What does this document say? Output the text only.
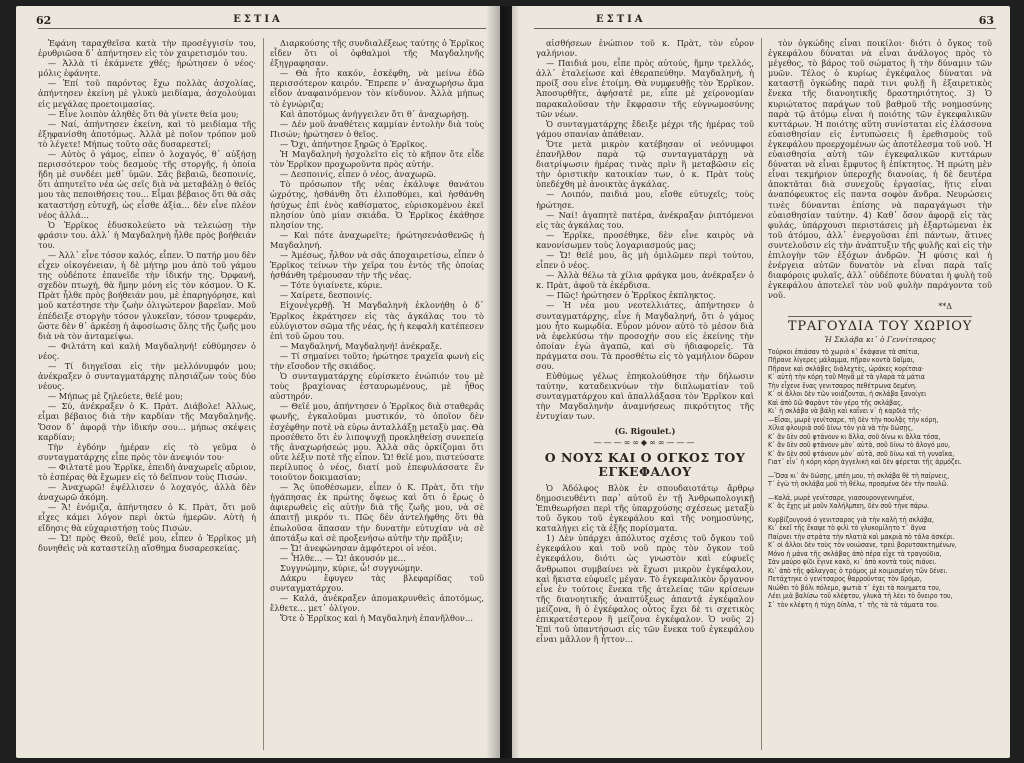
62	ΕΣΤΙΑ

Ἐφάνη ταραχθεῖσα κατὰ τὴν προσέγγισίν του, ἐρυθριῶσα δ᾽ ἀπήντησεν εἰς τὸν χαιρετισμόν του.

— Ἀλλὰ τί ἐκάμνετε χθές; ἠρώτησεν ὁ νέος· μόλις ἐφάνητε.

— Ἐπί τοῦ παρόντος ἔχω πολλὰς ἀσχολίας, ἀπήντησεν ἐκείνη μὲ γλυκὺ μειδίαμα, ἀσχολούμαι εἰς μεγάλας προετοιμασίας.

— Εἶνε λοιπὸν ἀληθὲς ὅτι θὰ γίνετε θεία μου;

— Ναί, ἀπήντησεν ἐκείνη, καὶ τὸ μειδίαμα τῆς ἐξηφανίσθη ἀποτόμως. Ἀλλὰ μὲ ποῖον τρόπον μοῦ τὸ λέγετε! Μήπως τοῦτο σᾶς δυσαρεστεῖ;

— Αὐτὸς ὁ γάμος, εἶπεν ὁ λοχαγός, θ᾽ αὐξήσῃ περισσότερον τοὺς δεσμοὺς τῆς στοργῆς, ἡ ὁποία ἤδη μὲ συνδέει μεθ᾽ ὑμῶν. Σᾶς βεβαιῶ, δεσποινίς, ὅτι ἀπηυτεῖτο νέα ὡς σεῖς διὰ νὰ μεταβάλῃ ὁ θεῖός μου τὰς πεποιθήσεις του… Εἶμαι βέβαιος ὅτι θὰ σᾶς καταστήσῃ εὐτυχῆ, ὡς εἶσθε ἀξία… δὲν εἶνε πλέον νέος ἀλλά…

Ὁ Ἐρρῖκος ἐδυσκολεύετο νὰ τελειώσῃ τὴν φράσιν του. ἀλλ᾽ ἡ Μαγδαληνὴ ἦλθε πρὸς βοήθειάν του.

— Ἀλλ᾽ εἶνε τόσον καλός, εἶπεν. Ὁ πατήρ μου δὲν εἶχεν οἰκογένειαν, ἡ δὲ μήτηρ μου ἀπὸ τοῦ γάμου της οὐδέποτε ἐπανεῖδε τὴν ἰδικήν της. Ὀρφανή, σχεδὸν πτωχή, θὰ ἤμην μόνη εἰς τὸν κόσμον. Ὁ Κ. Πρὰτ ἦλθε πρὸς βοήθειάν μου, μὲ ἐπαρηγόρησε, καὶ μοῦ κατέστησε τὴν ζωὴν ὀλιγώτερον βαρεῖαν. Μοῦ ἐπέδειξε στοργὴν τόσον γλυκεῖαν, τόσον τρυφεράν, ὥστε δὲν θ᾽ ἀρκέσῃ ἡ ἀφοσίωσις ὅλης τῆς ζωῆς μου διὰ νὰ τὸν ἀνταμείψω.

— Φιλτάτη καὶ καλὴ Μαγδαληνή! εὐθύμησεν ὁ νέος.

— Τί διηγεῖσαι εἰς τὴν μελλόνυμφόν μου; ἀνέκραξεν ὁ συνταγματάρχης πλησιάζων τοὺς δύο νέους.

— Μήπως μὲ ζηλεύετε, θεῖέ μου;

— Σύ, ἀνέκραξεν ὁ Κ. Πρὰτ. Διάβολε! Ἀλλως, εἶμαι βέβαιος διὰ τὴν καρδίαν τῆς Μαγδαληνῆς. Ὅσον δ᾽ ἀφορᾷ τὴν ἰδικήν σου… μήπως σκέψεις καρδίαν;

Τὴν ἐγδόην ἡμέραν εἰς τὸ γεῦμα ὁ συνταγματάρχης εἶπε πρὸς τὸν ἀνεψιόν του·

— Φιλτατέ μου Ἐρρῖκε, ἐπειδὴ ἀναχωρεῖς αὔριον, τὸ ἑσπέρας θὰ ἔχωμεν εἰς τὸ δεῖπνον τοὺς Πισών.

— Ἀναχωρῶ! ἐψέλλισεν ὁ λοχαγός, ἀλλὰ δὲν ἀναχωρῶ ἀκόμη.

— Ἄ! ἐνόμιζα, ἀπήντησεν ὁ Κ. Πρὰτ, ὅτι μοῦ εἶχες κάμει λόγον περὶ ὀκτὼ ἡμερῶν. Αὐτὴ ἡ εἴδησις θὰ εὐχαριστήσῃ τοὺς Πισών.

— Ὤ! πρὸς Θεοῦ, θεῖέ μου, εἶπεν ὁ Ἐρρῖκος μὴ δυνηθεὶς νὰ καταστείλῃ αἴσθημα δυσαρεσκείας.

Διαρκούσης τῆς συνδιαλέξεως ταύτης ὁ Ἐρρῖκος εἶδεν ὅτι οἱ ὀφθαλμοὶ τῆς Μαγδαληνῆς ἐξηγραφησαν.

— Θὰ ἦτο κακόν, ἐσκέφθη, νὰ μείνω ἐδῶ περισσότερον καιρόν. Ἔπρεπε ν᾽ ἀναχωρήσω ἅμα εἶδον ἀναφαινόμενον τὸν κίνδυνον. Ἀλλὰ μήπως τὸ ἐγνώριζα;

Καὶ ἀποτόμως ἀνήγγειλεν ὅτι θ᾽ ἀναχωρήσῃ.

— Δέν μοῦ ἀναθέτεις καμμίαν ἐντολὴν διὰ τοὺς Πισών; ἠρώτησεν ὁ θεῖος.

— Ὄχι, ἀπήντησε ξηρῶς ὁ Ἐρρῖκος.

Ἡ Μαγδαληνὴ ἠσχολεῖτο εἰς τὸ κῆπον ὅτε εἶδε τὸν Ἐρρῖκον προχωροῦντα πρὸς αὐτήν.

— Δεσποινίς, εἶπεν ὁ νέος, ἀναχωρῶ.

Τὸ πρόσωπον τῆς νέας ἐκάλυψε θανάτου ὠχρότης, ἠσθάνθη ὅτι ἐλιποθύμει, καὶ ἠσθάνθη ἠσύχως ἐπὶ ἑνὸς καθίσματος, εὑρισκομένου ἐκεῖ πλησίον ὑπὸ μίαν σκιάδα. Ὁ Ἐρρῖκος ἐκάθησε πλησίον της.

— Καὶ πότε ἀναχωρεῖτε; ἠρώτησενἀσθενῶς ἡ Μαγδαληνή.

— Ἀμέσως, ἦλθον νὰ σᾶς ἀποχαιρετίσω, εἶπεν ὁ Ἐρρῖκος τείνων τὴν χεῖρα του ἐντὸς τῆς ὁποίας ἠσθάνθη τρέμουσαν τὴν τῆς νέας.

— Τότε ὑγιαίνετε, κύριε.

— Χαίρετε, δεσποινίς.

Εἰχονἐγερθῇ. Ἡ Μαγδαληνὴ ἐκλονήθη ὁ δ᾽ Ἐρρῖκος ἐκράτησεν εἰς τὰς ἀγκάλας του τὸ εὐλύγιστον σῶμα τῆς νέας, ἡς ἡ κεφαλὴ κατέπεσεν ἐπὶ τοῦ ὤμου του.

— Μαγδαληνή, Μαγδαληνή! ἀνέκραξε.

— Τί σημαίνει τοῦτο; ἠρώτησε τραχεῖα φωνὴ εἰς τὴν εἴσοδον τῆς σκιάδος.

Ὁ συνταγματάρχης εὑρίσκετο ἐνώπιόν του μὲ τοὺς βραχίονας ἐσταυρωμένους, μὲ ἦθος αὐστηρόν.

— Θεῖέ μου, ἀπήντησεν ὁ Ἐρρῖκος διὰ σταθερᾶς φωνῆς, ἐγκαλοῦμαι μυστικόν, τὸ ὁποῖον δὲν ἐσχέφθην ποτὲ νὰ εὑρω ἀνταλλάξῃ μεταξὺ μας. Θὰ προσέθετο ὅτι ἐν λιποψυχῇ προκληθείσῃ συνεπείᾳ τῆς ἀναχωρήσεώς μου. Ἀλλὰ σᾶς ὁρκίζομαι ὅτι οὔτε λέξιν ποτὲ τῆς εἶπον. Ὤ! θεῖέ μου, πιστεύσατε περίλυπος ὁ νέος, διατί μοῦ ἐπεφυλάσσατε ἕν τοιοῦτον δοκιμασίαν;

— Ἄς ὑποθέσωμεν, εἶπεν ὁ Κ. Πρὰτ, ὅτι τὴν ἡγάπησας ἐκ πρώτης ὄψεως καὶ ὅτι ὁ ἔρως ὁ ἀφιερωθεὶς εἰς αὐτὴν διὰ τῆς ζωῆς μου, νὰ σὲ ἀπαιτῇ μικρόν τι. Πῶς δέν ἀντελήφθης ὅτι θὰ ἐπωλοῦσα ἅπασαν τὴν δυνατὴν εὐτυχίαν νὰ σὲ ἀποτάξω καὶ σὲ προξενήσω αὐτὴν τὴν πρᾶξιν;

— Ὤ! ἀνεφώνησαν ἀμφότεροι οἱ νέοι.

— Ἦλθε… — Ὤ! ἀκουσόν με…

Συγγνώμην, κύριε, ὦ! συγγνώμην.

Δάκρυ ἔφυγεν τὰς βλεφαρίδας τοῦ συνταγματάρχου.

— Καλά, ἀνέκραξεν ἀπομακρυνθεὶς ἀποτόμως, ἔλθετε… μετ᾽ ὀλίγον.

Ὅτε ὁ Ἐρρῖκος καὶ ἡ Μαγδαληνὴ ἐπανῆλθον…

ΕΣΤΙΑ	63

αἰσθήσεων ἐνώπιον τοῦ κ. Πρὰτ, τὸν εὗρον γαλήνιον.

— Παιδιά μου, εἶπε πρὸς αὐτούς, ἤμην τρελλός, ἀλλ᾽ ἐταλείωσε καὶ ἐθεραπεύθην. Μαγδαληνή, ἡ προίξ σου εἶνε ἑτοίμη. Θὰ νυμφευθῇς τὸν Ἐρρῖκον. Ἀποσυρθῆτε, ἀφήσατέ με, εἶπε μὲ χείρονομίαν παρακαλοῦσαν τὴν ἔκφρασιν τῆς εὐγνωμοσύνης τῶν νέων.

Ὁ συνταγματάρχης ἔδειξε μέχρι τῆς ἡμέρας τοῦ γάμου σπανίαν ἀπάθειαν.

Ὅτε μετὰ μικρὸν κατέβησαν οἱ νεόνυμφοι ἐπανῆλθον παρὰ τῷ συνταγματάρχῃ νὰ διατρίψωσιν ἡμέρας τινὰς πρὶν ἢ μεταβῶσιν εἰς τὴν ὁριστικὴν κατοικίαν των, ὁ κ. Πρὰτ τοὺς ὑπεδέχθη μὲ ἀνοικτὰς ἀγκάλας.

— Λοιπόν, παιδιά μου, εἴσθε εὐτυχεῖς; τοὺς ἠρώτησε.

— Ναί! ἀγαπητὲ πατέρα, ἀνέκραξαν ῥιπτόμενοι εἰς τὰς ἀγκάλας του.

— Ἐρρῖκε, προσέθηκε, δὲν εἶνε καιρὸς νὰ κανονίσωμεν τοὺς λογαριασμούς μας;

— Ὤ! θεῖέ μου, ἃς μὴ ὁμιλῶμεν περὶ τούτου, εἶπεν ὁ νέος.

— Ἀλλὰ θέλω τὰ χίλια φράγκα μου, ἀνέκραξεν ὁ κ. Πρὰτ, ἀφοῦ τὰ ἐκέρδισα.

— Πῶς! ἠρώτησεν ὁ Ἐρρῖκος ἐκπληκτος.

— Ἡ νέα μου νεοτελλιάτες, ἀπήντησεν ὁ συνταγματάρχης, εἶνε ἡ Μαγδαληνή, ὅτι ὁ γάμος μου ἦτο κωμῳδία. Εὗρον μόνον αὐτὸ τὸ μέσον διὰ νὰ ἐφελκύσω τὴν προσοχήν σου εἰς ἐκείνης τὴν ὁποίαν ἐγὼ ἀγαπῶ, καὶ σὺ ἠδιαφορεῖς. Τὰ πράγματα σου. Τὰ προσθέτω εἰς τὸ γαμήλιον δῶρον σου.

Εὐθύμως γέλως ἐπηκολούθησε τὴν δήλωσιν ταύτην, καταδεικνύων τὴν διπλωματίαν τοῦ συνταγματάρχου καὶ ἀπαλλάξασα τὸν Ἐρρῖκον καὶ τὴν Μαγδαληνὴν ἀναμνήσεως πικρότητος τῆς ἐντυχίαν των.

(G. Rigoulet.)
———∞∞◆∞∞———
Ο ΝΟΥΣ ΚΑΙ Ο ΟΓΚΟΣ ΤΟΥ ΕΓΚΕΦΑΛΟΥ

Ὁ Ἀδόλφος Βλὸκ ἐν σπουδαιοτάτῳ ἄρθρῳ δημοσιευθέντι παρ᾽ αὐτοῦ ἐν τῇ Ἀνθρωπολογικῇ Ἐπιθεωρήσει περὶ τῆς ὑπαρχούσης σχέσεως μεταξὺ τοῦ ὄγκου τοῦ ἐγκεφάλου καὶ τῆς νοημοσύνης, καταλήγει εἰς τὰ ἑξῆς πορίσματα.

1) Δὲν ὑπάρχει ἀπόλυτος σχέσις τοῦ ὄγκου τοῦ ἐγκεφάλου καὶ τοῦ νοῦ πρὸς τὸν ὄγκον τοῦ ἐγκεφάλου, διότι ὡς γνωστὸν καὶ εὐφυεῖς ἄνθρωποι συμβαίνει νὰ ἔχωσι μικρὸν ἐγκέφαλον, καὶ ἥκιστα εὐφυεῖς μέγαν. Τὸ ἐγκεφαλικὸν ὄργανον εἶνε ἐν τούτοις ἕνεκα τῆς ἀτελείας τῶν κρίσεων τῆς διανοητικῆς ἀναπτύξεως ἀπαντᾷ ἐγκέφαλον μείζονα, ἢ ὁ ἐγκέφαλος οὗτος ἔχει δὲ τι σχετικὸς ἐπικρατέστερον ἢ μείζονα ἐγκέφαλον. Ὁ νοῦς 2) Ἐπὶ τοῦ ὑπαντήσωσι εἰς τῶν ἔνεκα τοῦ ἐγκεφάλου εἶναι μᾶλλον ἢ ἧττον…

τὸν ὀγκώδης εἶναι ποικίλοι· διότι ὁ ὄγκος τοῦ ἐγκεφάλου δύναται νὰ εἶναι ἀνάλογος πρὸς τὸ μέγεθος, τὸ βάρος τοῦ σώματος ἢ τὴν δύναμιν τῶν μυῶν. Τέλος ὁ κυρίως ἐγκέφαλος δύναται νὰ καταστῇ ὀγκώδης παρὰ τινι φυλῇ ἢ ἐξαιρετικὸς ἕνεκα τῆς διανοητικῆς δραστηριότητος. 3) Ὁ κυριώτατος παράγων τοῦ βαθμοῦ τῆς νοημοσύνης παρὰ τῷ ἀτόμῳ εἶναι ἡ ποιότης τῶν ἐγκεφαλικῶν κυττάρων. Ἡ ποιότης αὕτη συνίσταται εἰς ἐλάσσονα εὐαισθησίαν εἰς ἐντυπώσεις ἢ ἐρεθισμοὺς τοῦ ἐγκεφάλου προερχομένων ὡς ἀποτέλεσμα τοῦ νοῦ. Ἡ εὐαισθησία αὐτὴ τῶν ἐγκεφαλικῶν κυττάρων δύναται νὰ εἶναι ἔμφυτος ἢ ἐπίκτητος. Ἡ πρώτη μὲν εἶναι τεκμήριον ὑπεροχῆς διανοίας, ἡ δὲ δευτέρα ἀποκτᾶται διὰ συνεχοῦς ἐργασίας, ἥτις εἶναι ἀναπόφευκτος εἰς παντα σοφὸν ἄνδρα. Νευρώσεις τινὲς δύνανται ἐπίσης νὰ παραγάγωσι τὴν εὐαισθησίαν ταύτην. 4) Καθ᾽ ὅσον ἀφορᾷ εἰς τὰς φυλάς, ὑπάρχουσι περιστάσεις μὴ ἐξαρτώμεναι ἐκ τοῦ ἀτόμου, ἀλλ᾽ ἐνεργοῦσαι ἐπὶ πάντων, ἅτινες συντελοῦσιν εἰς τὴν ἀνάπτυξιν τῆς φυλῆς καὶ εἰς τὴν ἐπιλογὴν τῶν ἐξόχων ἀνδρῶν. Ἡ φύσις καὶ ἡ ἐνέργεια αὐτῶν δυνατὸν νὰ εἶναι παρὰ ταῖς διαφόροις φυλαῖς, ἀλλ᾽ οὐδέποτε δύναται ἡ φυλὴ τοῦ ἐγκεφάλου ἀποτελεῖ τὸν νοῦ φυλὴν παράγοντα τοῦ νοῦ.

**Δ
ΤΡΑΓΟΥΔΙΑ ΤΟΥ ΧΩΡΙΟΥ
Ἡ Σκλάβα κι᾽ ὁ Γεννίτσαρος

Τούρκοι ἐπιάσαν τὸ χωριὸ κ᾽ ἔκάψανε τὰ σπίτια,

Πῆρανε λίγερες μάλαμμα, πῆραν κοντὰ δαῖμαι,

Πῆρανε καὶ σκλάβες διάλεχτὲς, ὡράκες κορίτσια·

Κ᾽ αὐτὴ τὴν κόρη τοῦ Μηνᾶ μὲ τὰ γλαρὰ τὰ μάτια

Τὴν εἶχενε ἕνας γενιτσαρος πεθέτρωνα δεμένη.

Κ᾽ οἱ ἄλλοι δὲν τῶν νοιάζονται, ἡ σκλάβα ξανοίγει

Καὶ ἀπὸ δῶ Φαρὰντ τὸν γέρο τῆς σκλάβας,

Κι᾽ ἡ σκλάβα νὰ βάλῃ καὶ καΐνει ν᾽ ἡ καρδιὰ τῆς·

—Εἶσαι, μωρὲ γενίτσαρε, τὴ δὲν τὴν πουλᾷς τὴν κόρη,

Χίλια φλουριὰ σοῦ δίνω τὸν γιὰ νὰ τὴν δώσῃς,

Κ᾽ ἂν δὲν σοῦ φτάνουν κι ἄλλα, σοῦ δίνω κι ἄλλα τόσα,

Κ᾽ ἂν δὲν σοῦ φτάνουν μὸν᾽ αὐτὰ, σοῦ δίνω τὸ ἄλογό μου,

Κ᾽ ἂν δὲν σοῦ φτάνουν μὸν᾽ αὐτὰ, σοῦ δίνω καὶ τὴ γυναῖκα,

Γιατ᾽ εἶν᾽ ἡ κόρη κόρη ἀγγελικὴ καὶ δὲν φέρεται τῆς ἀρμόζει.

—Ὅσα κι᾽ ἂν δώσῃς, μπέη μου, τὴ σκλάβα θὲ τὴ παίρνεις,

Τ᾽ ἐγὼ τὴ σκλάβα μοῦ τὴ θέλω, προσμένα δὲν τὴν πουλῶ.

—Καλά, μωρὲ γενίτσαρε, γιασουρονγεννημένε,

Κ᾽ ἂς ἔχῃς μὲ μοῦν Χαλήλμπεη, δὲν σοῦ τὴνε πάρω.

Κυρβίζουγονά ὁ γενιτσαρος γιὰ τὴν καλὴ τὴ σκλάβα,

Κι᾽ ἐκεῖ τῆς ἔκαψε τὸ φιλὶ τὸ γλυκομίλητο τ᾽ ἅγνα

Παίρνει τὴν στράτα τὴν πλατιὰ καὶ μακριὰ πὸ τάλα ἀσκέρι.

Κ᾽ οἱ ἄλλοι δὲν τοὺς τὸν νοιώσανε, τρειὶ βορυτσακτημένων,

Μόνο ἡ μάνα τῆς σκλάβας ἀπὸ πέρα εἶχε τὰ τραγούδια,

Σὰν μαύρο φίδι ἔγινε κακὸ, κι᾽ ἀπὸ κοντὰ τοὺς πιάνει.

Κι᾽ ἀπὸ τῆς φάλαγγας ὁ τρόμος μὲ κοιμισμένη τῶν δένει.

Πετάχτηκε ὁ γενίτσαρος θαρροῦντας τὸν δρόμο,

Νιώθει τὸ βόλι πόλεμο, φωτιὰ τ᾽ ἐχει τὰ ποιηματα του,

Λέει μιὰ βαλίσω τοῦ κλέφτου, γλυκὰ τὴ λέει τὸ ὄνειρο του,

Σ᾽ τὸν κλέφτη ἡ τύχη δίπλα, τ᾽ τῆς τὰ τὰ τάματα του.
